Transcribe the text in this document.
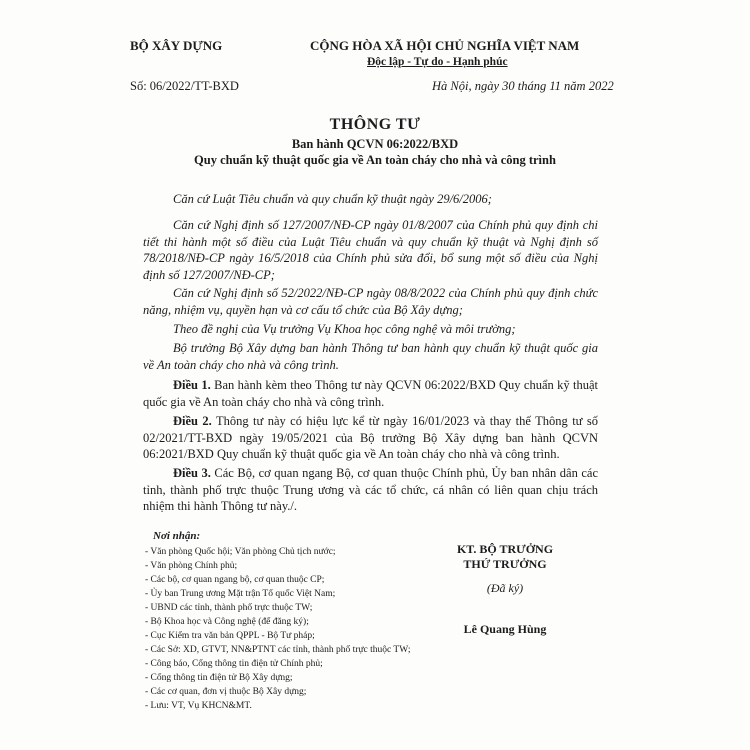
BỘ XÂY DỰNG	CỘNG HÒA XÃ HỘI CHỦ NGHĨA VIỆT NAM
Độc lập - Tự do - Hạnh phúc
Số: 06/2022/TT-BXD	Hà Nội, ngày 30 tháng 11 năm 2022
THÔNG TƯ
Ban hành QCVN 06:2022/BXD
Quy chuẩn kỹ thuật quốc gia về An toàn cháy cho nhà và công trình
Căn cứ Luật Tiêu chuẩn và quy chuẩn kỹ thuật ngày 29/6/2006;
Căn cứ Nghị định số 127/2007/NĐ-CP ngày 01/8/2007 của Chính phủ quy định chi tiết thi hành một số điều của Luật Tiêu chuẩn và quy chuẩn kỹ thuật và Nghị định số 78/2018/NĐ-CP ngày 16/5/2018 của Chính phủ sửa đổi, bổ sung một số điều của Nghị định số 127/2007/NĐ-CP;
Căn cứ Nghị định số 52/2022/NĐ-CP ngày 08/8/2022 của Chính phủ quy định chức năng, nhiệm vụ, quyền hạn và cơ cấu tổ chức của Bộ Xây dựng;
Theo đề nghị của Vụ trưởng Vụ Khoa học công nghệ và môi trường;
Bộ trưởng Bộ Xây dựng ban hành Thông tư ban hành quy chuẩn kỹ thuật quốc gia về An toàn cháy cho nhà và công trình.
Điều 1. Ban hành kèm theo Thông tư này QCVN 06:2022/BXD Quy chuẩn kỹ thuật quốc gia về An toàn cháy cho nhà và công trình.
Điều 2. Thông tư này có hiệu lực kể từ ngày 16/01/2023 và thay thế Thông tư số 02/2021/TT-BXD ngày 19/05/2021 của Bộ trưởng Bộ Xây dựng ban hành QCVN 06:2021/BXD Quy chuẩn kỹ thuật quốc gia về An toàn cháy cho nhà và công trình.
Điều 3. Các Bộ, cơ quan ngang Bộ, cơ quan thuộc Chính phủ, Ủy ban nhân dân các tỉnh, thành phố trực thuộc Trung ương và các tổ chức, cá nhân có liên quan chịu trách nhiệm thi hành Thông tư này./.
Nơi nhận:
- Văn phòng Quốc hội; Văn phòng Chủ tịch nước;
- Văn phòng Chính phủ;
- Các bộ, cơ quan ngang bộ, cơ quan thuộc CP;
- Ủy ban Trung ương Mặt trận Tổ quốc Việt Nam;
- UBND các tỉnh, thành phố trực thuộc TW;
- Bộ Khoa học và Công nghệ (để đăng ký);
- Cục Kiểm tra văn bản QPPL - Bộ Tư pháp;
- Các Sở: XD, GTVT, NN&PTNT các tỉnh, thành phố trực thuộc TW;
- Công báo, Cổng thông tin điện tử Chính phủ;
- Cổng thông tin điện tử Bộ Xây dựng;
- Các cơ quan, đơn vị thuộc Bộ Xây dựng;
- Lưu: VT, Vụ KHCN&MT.
KT. BỘ TRƯỞNG
THỨ TRƯỞNG
(Đã ký)
Lê Quang Hùng
